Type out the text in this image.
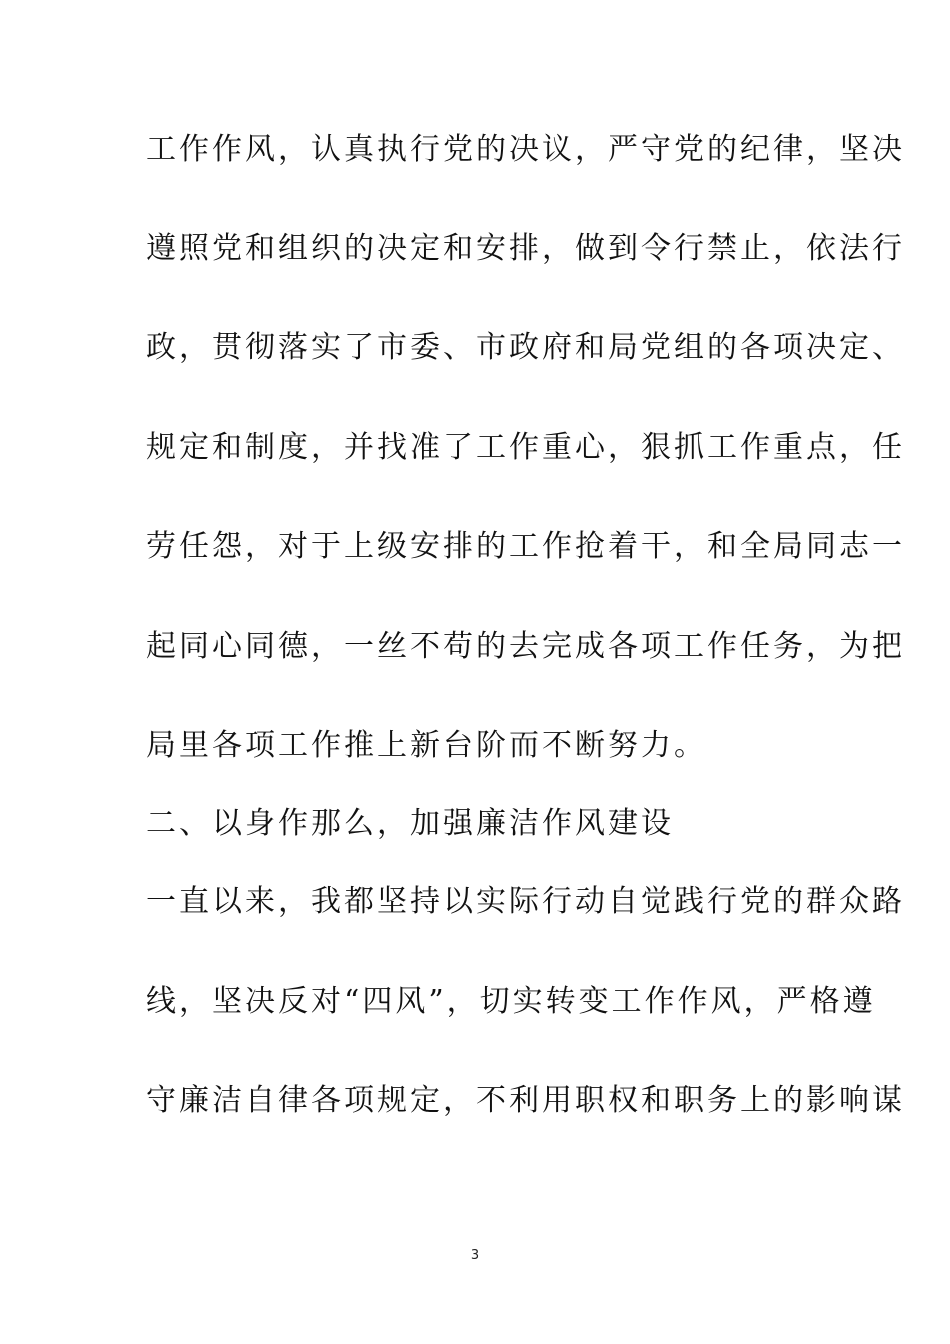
工作作风，认真执行党的决议，严守党的纪律，坚决
遵照党和组织的决定和安排，做到令行禁止，依法行
政，贯彻落实了市委、市政府和局党组的各项决定、
规定和制度，并找准了工作重心，狠抓工作重点，任
劳任怨，对于上级安排的工作抢着干，和全局同志一
起同心同德，一丝不苟的去完成各项工作任务，为把
局里各项工作推上新台阶而不断努力。
二、以身作那么，加强廉洁作风建设
一直以来，我都坚持以实际行动自觉践行党的群众路
线，坚决反对“四风”，切实转变工作作风，严格遵
守廉洁自律各项规定，不利用职权和职务上的影响谋
3
